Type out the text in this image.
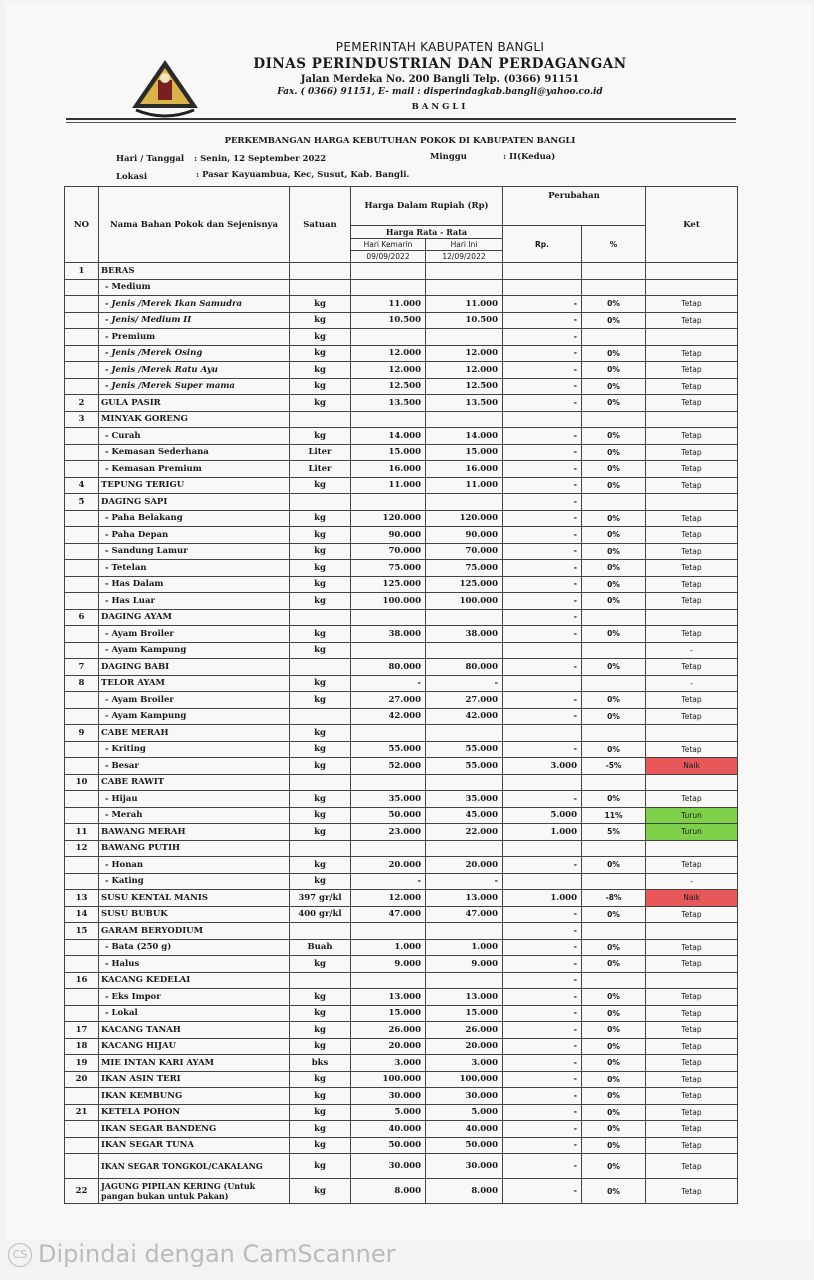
PEMERINTAH KABUPATEN BANGLI
DINAS PERINDUSTRIAN DAN PERDAGANGAN
Jalan Merdeka No. 200 Bangli Telp. (0366) 91151
Fax. ( 0366) 91151, E- mail : disperindagkab.bangli@yahoo.co.id
BANGLI
PERKEMBANGAN HARGA KEBUTUHAN POKOK DI KABUPATEN BANGLI
Hari / Tanggal : Senin, 12 September 2022	Minggu	: II(Kedua)
Lokasi	: Pasar Kayuambua, Kec, Susut, Kab. Bangli.
NO	Nama Bahan Pokok dan Sejenisnya	Satuan	Harga Dalam Rupiah (Rp)		Perubahan		Ket
			Harga Rata - Rata		Rp.	%	
			Hari Kemarin	Hari Ini			
			09/09/2022	12/09/2022			
1	BERAS						
	- Medium						
	- Jenis /Merek Ikan Samudra	kg	11.000	11.000	-	0%	Tetap
	- Jenis/ Medium II	kg	10.500	10.500	-	0%	Tetap
	- Premium	kg			-		
	- Jenis /Merek Osing	kg	12.000	12.000	-	0%	Tetap
	- Jenis /Merek Ratu Ayu	kg	12.000	12.000	-	0%	Tetap
	- Jenis /Merek Super mama	kg	12.500	12.500	-	0%	Tetap
2	GULA PASIR	kg	13.500	13.500	-	0%	Tetap
3	MINYAK GORENG						
	- Curah	kg	14.000	14.000	-	0%	Tetap
	- Kemasan Sederhana	Liter	15.000	15.000	-	0%	Tetap
	- Kemasan Premium	Liter	16.000	16.000	-	0%	Tetap
4	TEPUNG TERIGU	kg	11.000	11.000	-	0%	Tetap
5	DAGING SAPI				-		
	- Paha Belakang	kg	120.000	120.000	-	0%	Tetap
	- Paha Depan	kg	90.000	90.000	-	0%	Tetap
	- Sandung Lamur	kg	70.000	70.000	-	0%	Tetap
	- Tetelan	kg	75.000	75.000	-	0%	Tetap
	- Has Dalam	kg	125.000	125.000	-	0%	Tetap
	- Has Luar	kg	100.000	100.000	-	0%	Tetap
6	DAGING AYAM				-		
	- Ayam Broiler	kg	38.000	38.000	-	0%	Tetap
	- Ayam Kampung	kg					-
7	DAGING BABI		80.000	80.000	-	0%	Tetap
8	TELOR AYAM	kg	-	-			-
	- Ayam Broiler	kg	27.000	27.000	-	0%	Tetap
	- Ayam Kampung		42.000	42.000	-	0%	Tetap
9	CABE MERAH	kg					
	- Kriting	kg	55.000	55.000	-	0%	Tetap
	- Besar	kg	52.000	55.000	3.000	-5%	Naik
10	CABE RAWIT						
	- Hijau	kg	35.000	35.000	-	0%	Tetap
	- Merah	kg	50.000	45.000	5.000	11%	Turun
11	BAWANG MERAH	kg	23.000	22.000	1.000	5%	Turun
12	BAWANG PUTIH						
	- Honan	kg	20.000	20.000	-	0%	Tetap
	- Kating	kg	-	-			-
13	SUSU KENTAL MANIS	397 gr/kl	12.000	13.000	1.000	-8%	Naik
14	SUSU BUBUK	400 gr/kl	47.000	47.000	-	0%	Tetap
15	GARAM BERYODIUM				-		
	- Bata (250 g)	Buah	1.000	1.000	-	0%	Tetap
	- Halus	kg	9.000	9.000	-	0%	Tetap
16	KACANG KEDELAI				-		
	- Eks Impor	kg	13.000	13.000	-	0%	Tetap
	- Lokal	kg	15.000	15.000	-	0%	Tetap
17	KACANG TANAH	kg	26.000	26.000	-	0%	Tetap
18	KACANG HIJAU	kg	20.000	20.000	-	0%	Tetap
19	MIE INTAN KARI AYAM	bks	3.000	3.000	-	0%	Tetap
20	IKAN ASIN TERI	kg	100.000	100.000	-	0%	Tetap
	IKAN KEMBUNG	kg	30.000	30.000	-	0%	Tetap
21	KETELA POHON	kg	5.000	5.000	-	0%	Tetap
	IKAN SEGAR BANDENG	kg	40.000	40.000	-	0%	Tetap
	IKAN SEGAR TUNA	kg	50.000	50.000	-	0%	Tetap
	IKAN SEGAR TONGKOL/CAKALANG	kg	30.000	30.000	-	0%	Tetap
22	JAGUNG PIPILAN KERING (Untuk pangan bukan untuk Pakan)	kg	8.000	8.000	-	0%	Tetap
CS Dipindai dengan CamScanner
